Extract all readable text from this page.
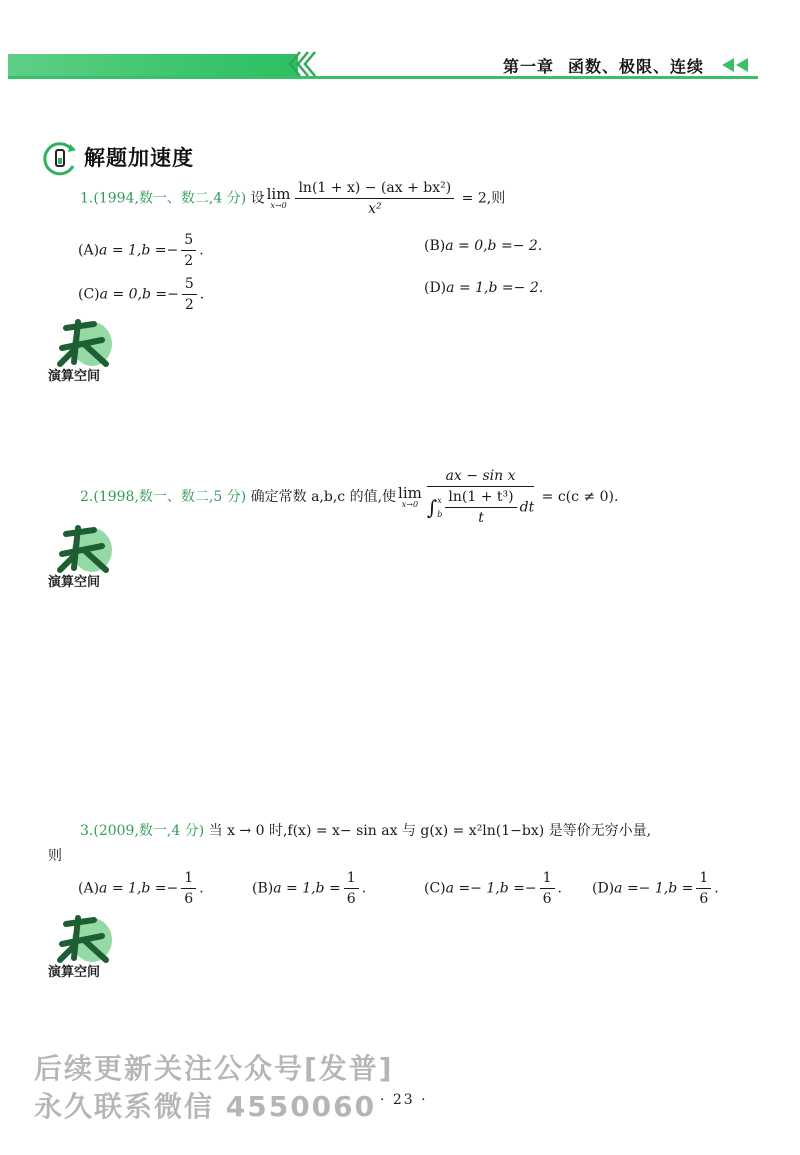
第一章 函数、极限、连续
解题加速度
1.(1994,数一、数二,4 分) 设 lim
$x\to 0 \frac{\text{ln(1 + x) − (ax + bx²)}}{\text{x²}} = 2$,则
$(A)a = 1,b =- \frac{5}{2}$ .	(B)a = 0,b =− 2.
$(C)a = 0,b =- \frac{5}{2}$ .	(D)a = 1,b =− 2.
演算空间
2.(1998,数一、数二,5 分) 确定常数 a,b,c 的值,使 lim
x→0
ax − sin x
∫x
b $\frac{\text{ln(1 + t³)}}{t}$ dt
= c(c ≠ 0).
演算空间
3.(2009,数一,4 分) 当 x → 0 时,f(x) = x− sin ax 与 g(x) = x²ln(1−bx) 是等价无穷小量,
则
$(A)a = 1,b =- \frac{1}{6}$ .	$(B)a = 1,b = \frac{1}{6}$ .	$(C)a =- 1,b =- \frac{1}{6}$ . $(D)a =- 1,b = \frac{1}{6}$ .
演算空间
后续更新关注公众号[发普]
永久联系微信 4550060 · 23 ·
